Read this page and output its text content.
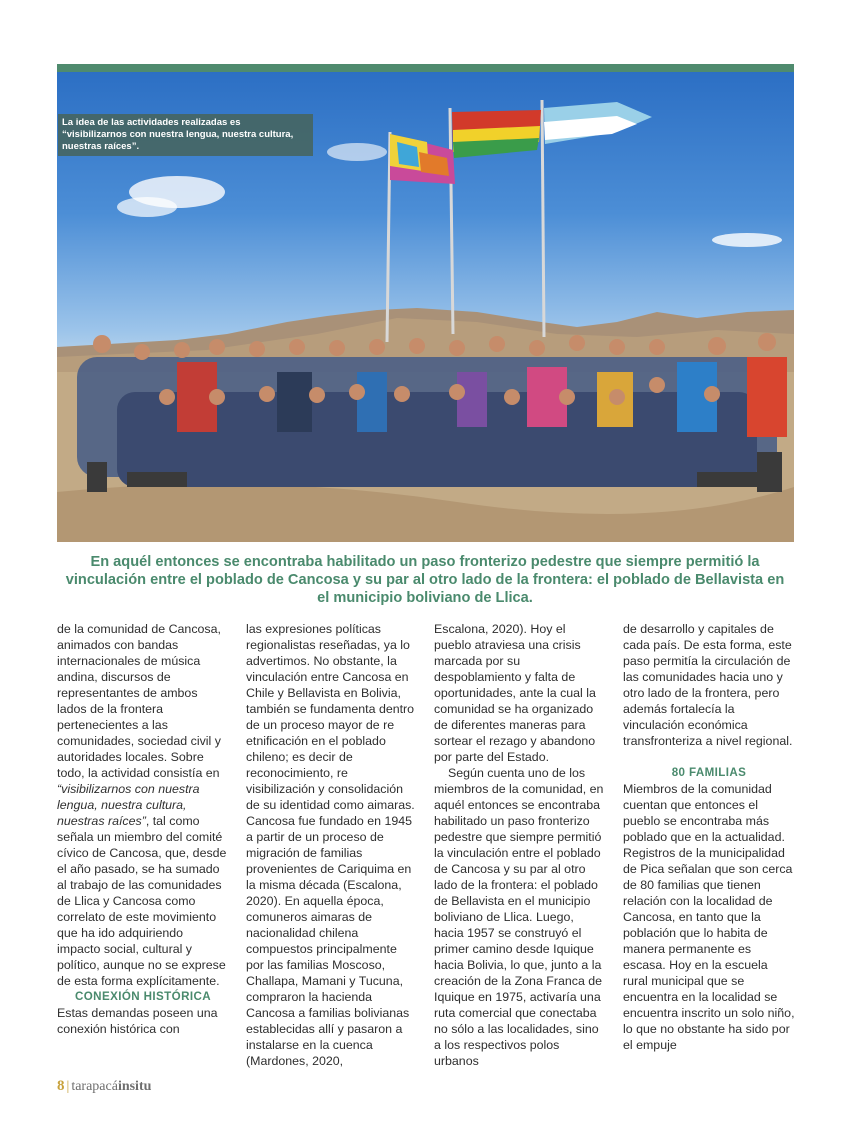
La idea de las actividades realizadas es “visibilizarnos con nuestra lengua, nuestra cultura, nuestras raíces”.
En aquél entonces se encontraba habilitado un paso fronterizo pedestre que siempre permitió la vinculación entre el poblado de Cancosa y su par al otro lado de la frontera: el poblado de Bellavista en el municipio boliviano de Llica.

de la comunidad de Cancosa, animados con bandas internacionales de música andina, discursos de representantes de ambos lados de la frontera pertenecientes a las comunidades, sociedad civil y autoridades locales. Sobre todo, la actividad consistía en “visibilizarnos con nuestra lengua, nuestra cultura, nuestras raíces”, tal como señala un miembro del comité cívico de Cancosa, que, desde el año pasado, se ha sumado al trabajo de las comunidades de Llica y Cancosa como correlato de este movimiento que ha ido adquiriendo impacto social, cultural y político, aunque no se exprese de esta forma explícitamente.

CONEXIÓN HISTÓRICA

Estas demandas poseen una conexión histórica con

las expresiones políticas regionalistas reseñadas, ya lo advertimos. No obstante, la vinculación entre Cancosa en Chile y Bellavista en Bolivia, también se fundamenta dentro de un proceso mayor de re etnificación en el poblado chileno; es decir de reconocimiento, re visibilización y consolidación de su identidad como aimaras. Cancosa fue fundado en 1945 a partir de un proceso de migración de familias provenientes de Cariquima en la misma década (Escalona, 2020). En aquella época, comuneros aimaras de nacionalidad chilena compuestos principalmente por las familias Moscoso, Challapa, Mamani y Tucuna, compraron la hacienda Cancosa a familias bolivianas establecidas allí y pasaron a instalarse en la cuenca (Mardones, 2020,

Escalona, 2020). Hoy el pueblo atraviesa una crisis marcada por su despoblamiento y falta de oportunidades, ante la cual la comunidad se ha organizado de diferentes maneras para sortear el rezago y abandono por parte del Estado.

Según cuenta uno de los miembros de la comunidad, en aquél entonces se encontraba habilitado un paso fronterizo pedestre que siempre permitió la vinculación entre el poblado de Cancosa y su par al otro lado de la frontera: el poblado de Bellavista en el municipio boliviano de Llica. Luego, hacia 1957 se construyó el primer camino desde Iquique hacia Bolivia, lo que, junto a la creación de la Zona Franca de Iquique en 1975, activaría una ruta comercial que conectaba no sólo a las localidades, sino a los respectivos polos urbanos

de desarrollo y capitales de cada país. De esta forma, este paso permitía la circulación de las comunidades hacia uno y otro lado de la frontera, pero además fortalecía la vinculación económica transfronteriza a nivel regional.

80 FAMILIAS

Miembros de la comunidad cuentan que entonces el pueblo se encontraba más poblado que en la actualidad. Registros de la municipalidad de Pica señalan que son cerca de 80 familias que tienen relación con la localidad de Cancosa, en tanto que la población que lo habita de manera permanente es escasa. Hoy en la escuela rural municipal que se encuentra en la localidad se encuentra inscrito un solo niño, lo que no obstante ha sido por el empuje

8 | tarapacáinsitu
